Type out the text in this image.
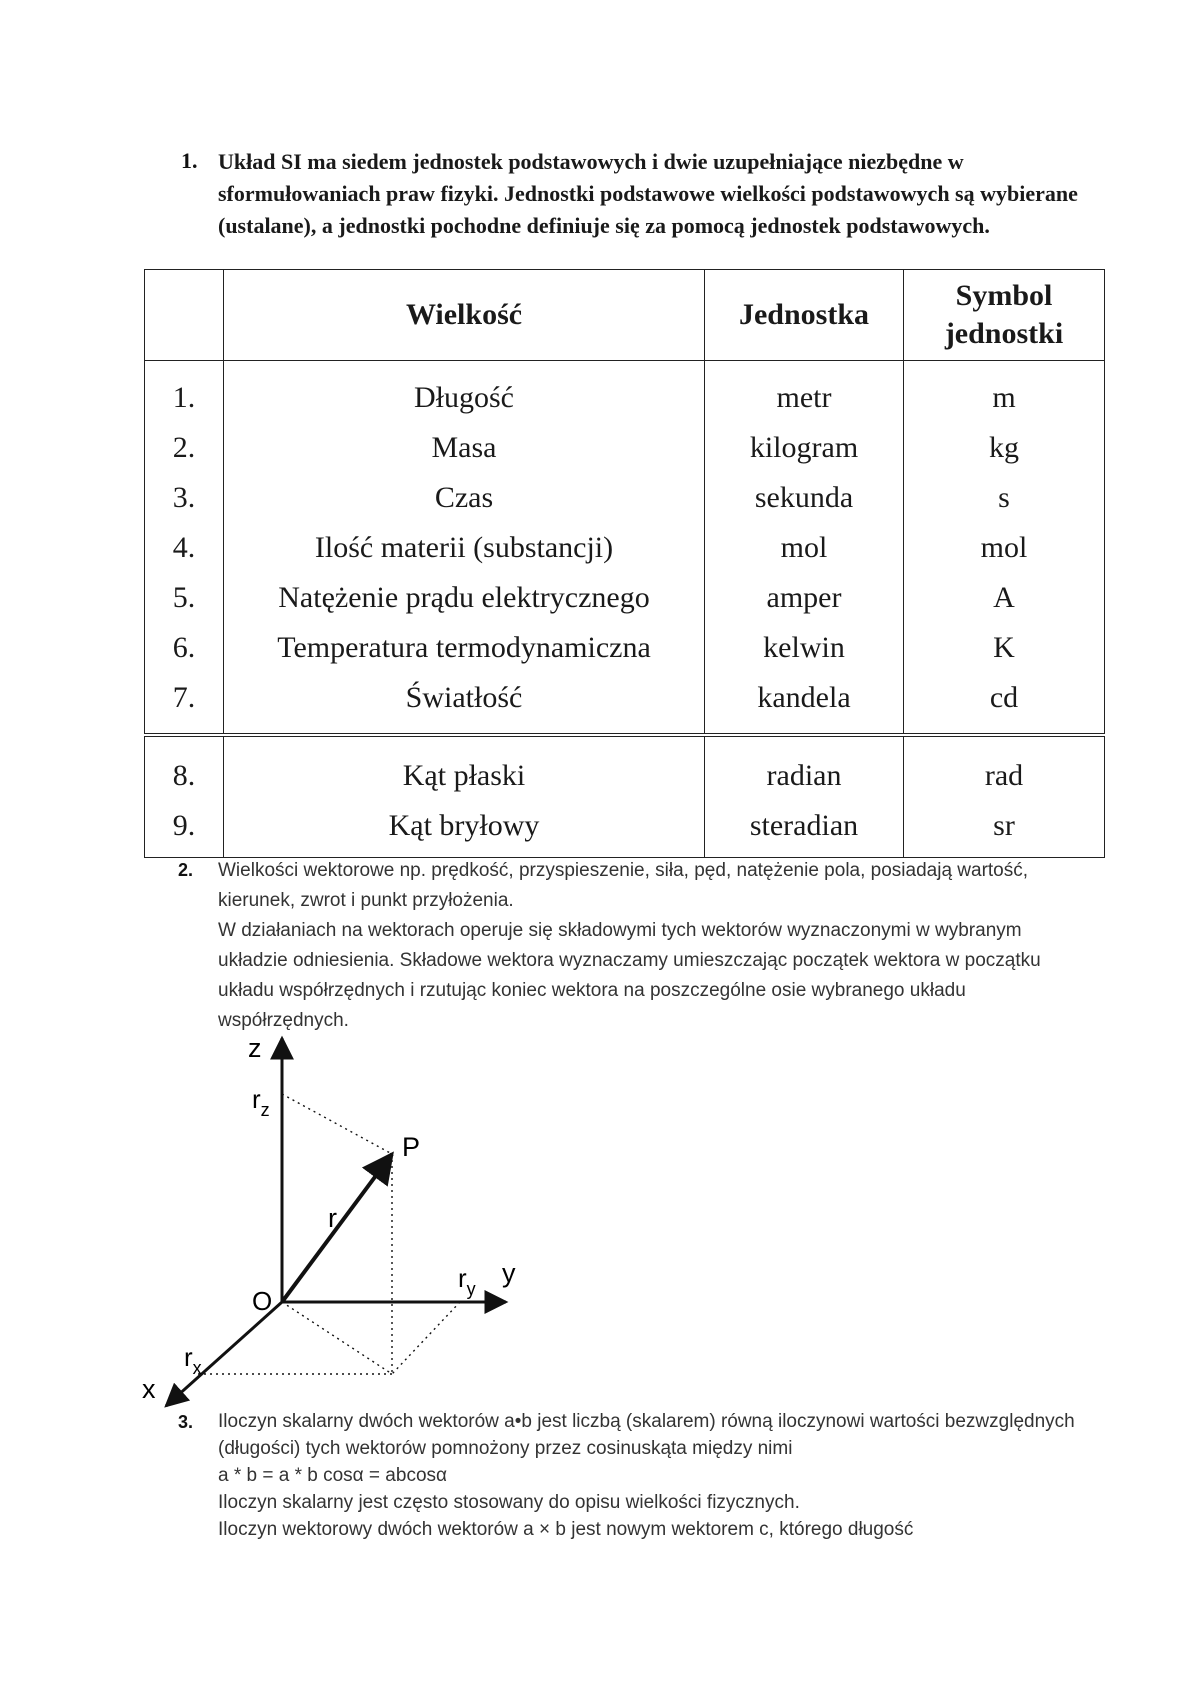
1. Układ SI ma siedem jednostek podstawowych i dwie uzupełniające niezbędne w sformułowaniach praw fizyki. Jednostki podstawowe wielkości podstawowych są wybierane (ustalane), a jednostki pochodne definiuje się za pomocą jednostek podstawowych.
	Wielkość	Jednostka	Symbol jednostki
1.	Długość	metr	m
2.	Masa	kilogram	kg
3.	Czas	sekunda	s
4.	Ilość materii (substancji)	mol	mol
5.	Natężenie prądu elektrycznego	amper	A
6.	Temperatura termodynamiczna	kelwin	K
7.	Światłość	kandela	cd
8.	Kąt płaski	radian	rad
9.	Kąt bryłowy	steradian	sr
2. Wielkości wektorowe np. prędkość, przyspieszenie, siła, pęd, natężenie pola, posiadają wartość, kierunek, zwrot i punkt przyłożenia.

W działaniach na wektorach operuje się składowymi tych wektorów wyznaczonymi w wybranym układzie odniesienia. Składowe wektora wyznaczamy umieszczając początek wektora w początku układu współrzędnych i rzutując koniec wektora na poszczególne osie wybranego układu współrzędnych.

z
$r_z$
P
r
O
$r_y$
y
$r_x$
x
3. Iloczyn skalarny dwóch wektorów a•b jest liczbą (skalarem) równą iloczynowi wartości bezwzględnych (długości) tych wektorów pomnożony przez cosinuskąta między nimi

a * b = a * b cosα = abcosα

Iloczyn skalarny jest często stosowany do opisu wielkości fizycznych.

Iloczyn wektorowy dwóch wektorów a × b jest nowym wektorem c, którego długość
